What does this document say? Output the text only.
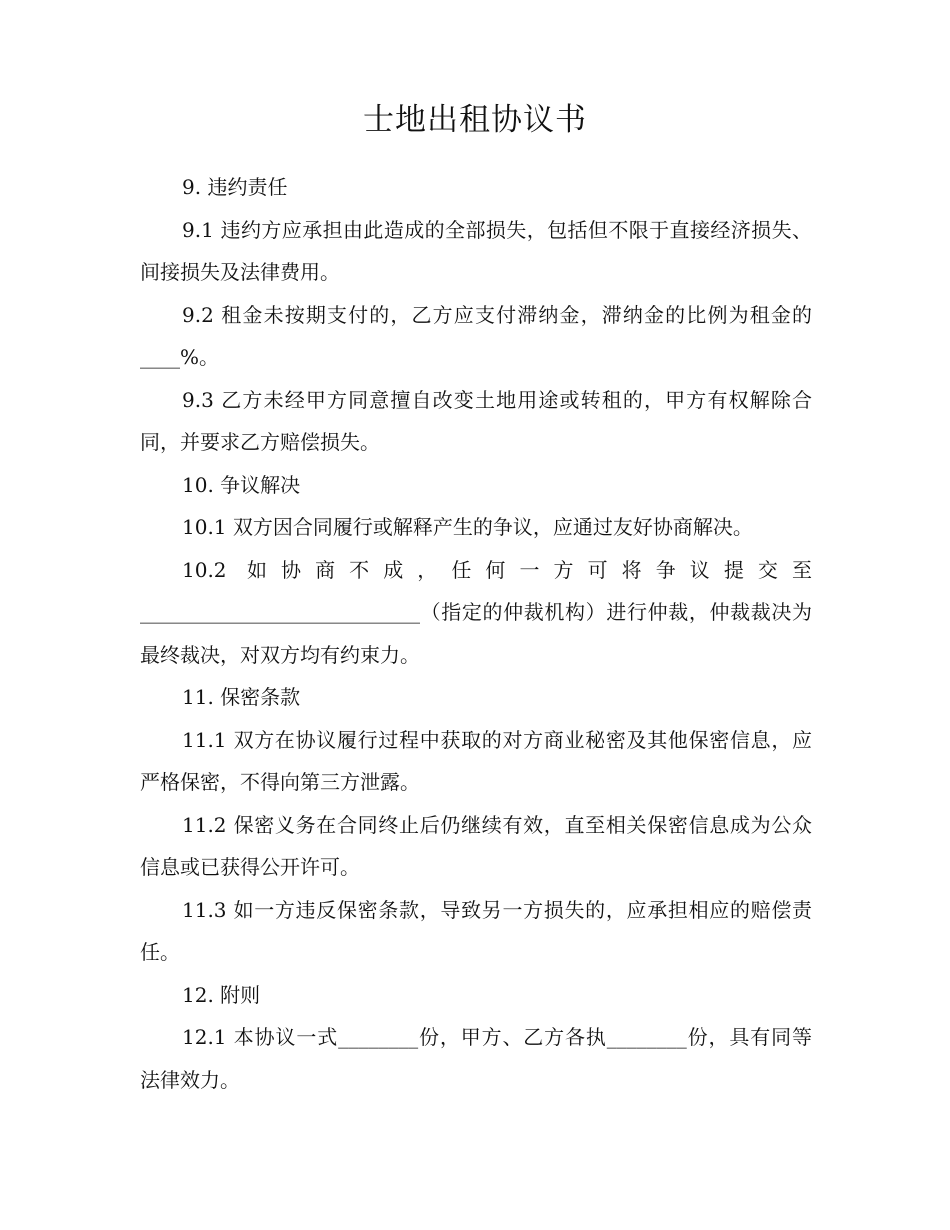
士地出租协议书

9. 违约责任

9.1 违约方应承担由此造成的全部损失，包括但不限于直接经济损失、间接损失及法律费用。

9.2 租金未按期支付的，乙方应支付滞纳金，滞纳金的比例为租金的____%。

9.3 乙方未经甲方同意擅自改变土地用途或转租的，甲方有权解除合同，并要求乙方赔偿损失。

10. 争议解决

10.1 双方因合同履行或解释产生的争议，应通过友好协商解决。

10.2 如协商不成，任何一方可将争议提交至____________________________（指定的仲裁机构）进行仲裁，仲裁裁决为最终裁决，对双方均有约束力。

11. 保密条款

11.1 双方在协议履行过程中获取的对方商业秘密及其他保密信息，应严格保密，不得向第三方泄露。

11.2 保密义务在合同终止后仍继续有效，直至相关保密信息成为公众信息或已获得公开许可。

11.3 如一方违反保密条款，导致另一方损失的，应承担相应的赔偿责任。

12. 附则

12.1 本协议一式________份，甲方、乙方各执________份，具有同等法律效力。
